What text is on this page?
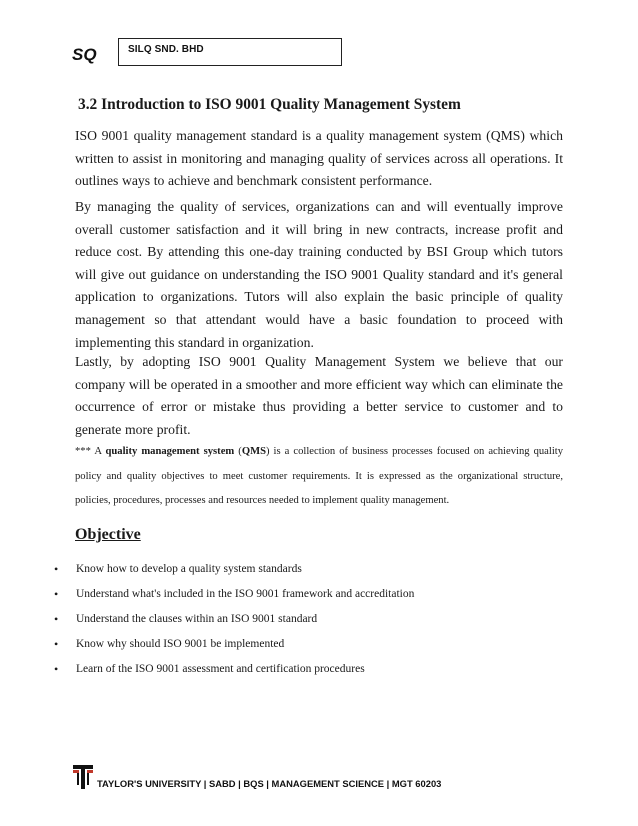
SQ	SILQ SND. BHD
3.2 Introduction to ISO 9001 Quality Management System

ISO 9001 quality management standard is a quality management system (QMS) which written to assist in monitoring and managing quality of services across all operations. It outlines ways to achieve and benchmark consistent performance.

By managing the quality of services, organizations can and will eventually improve overall customer satisfaction and it will bring in new contracts, increase profit and reduce cost. By attending this one-day training conducted by BSI Group which tutors will give out guidance on understanding the ISO 9001 Quality standard and it's general application to organizations. Tutors will also explain the basic principle of quality management so that attendant would have a basic foundation to proceed with implementing this standard in organization.

Lastly, by adopting ISO 9001 Quality Management System we believe that our company will be operated in a smoother and more efficient way which can eliminate the occurrence of error or mistake thus providing a better service to customer and to generate more profit.

*** A quality management system (QMS) is a collection of business processes focused on achieving quality policy and quality objectives to meet customer requirements. It is expressed as the organizational structure, policies, procedures, processes and resources needed to implement quality management.

Objective
• Know how to develop a quality system standards
• Understand what's included in the ISO 9001 framework and accreditation
• Understand the clauses within an ISO 9001 standard
• Know why should ISO 9001 be implemented
• Learn of the ISO 9001 assessment and certification procedures
TAYLOR'S UNIVERSITY | SABD | BQS | MANAGEMENT SCIENCE | MGT 60203
